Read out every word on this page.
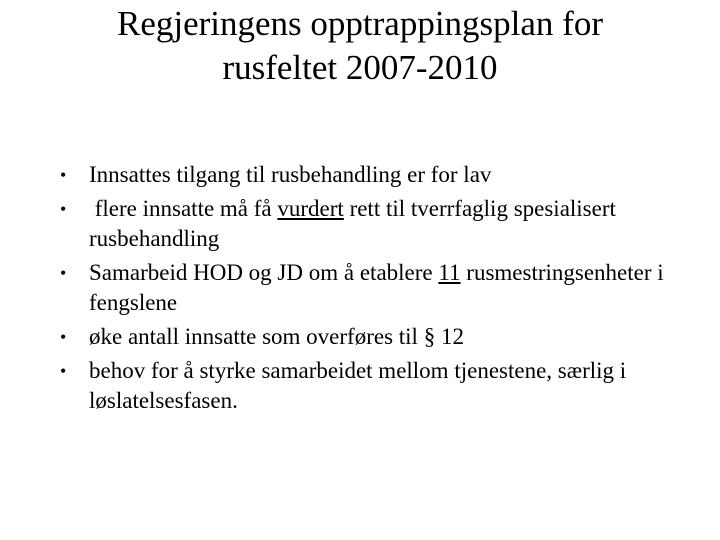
Regjeringens opptrappingsplan for
rusfeltet 2007-2010
• Innsattes tilgang til rusbehandling er for lav
• flere innsatte må få vurdert rett til tverrfaglig spesialisert rusbehandling
• Samarbeid HOD og JD om å etablere 11 rusmestringsenheter i fengslene
• øke antall innsatte som overføres til § 12
• behov for å styrke samarbeidet mellom tjenestene, særlig i løslatelsesfasen.
